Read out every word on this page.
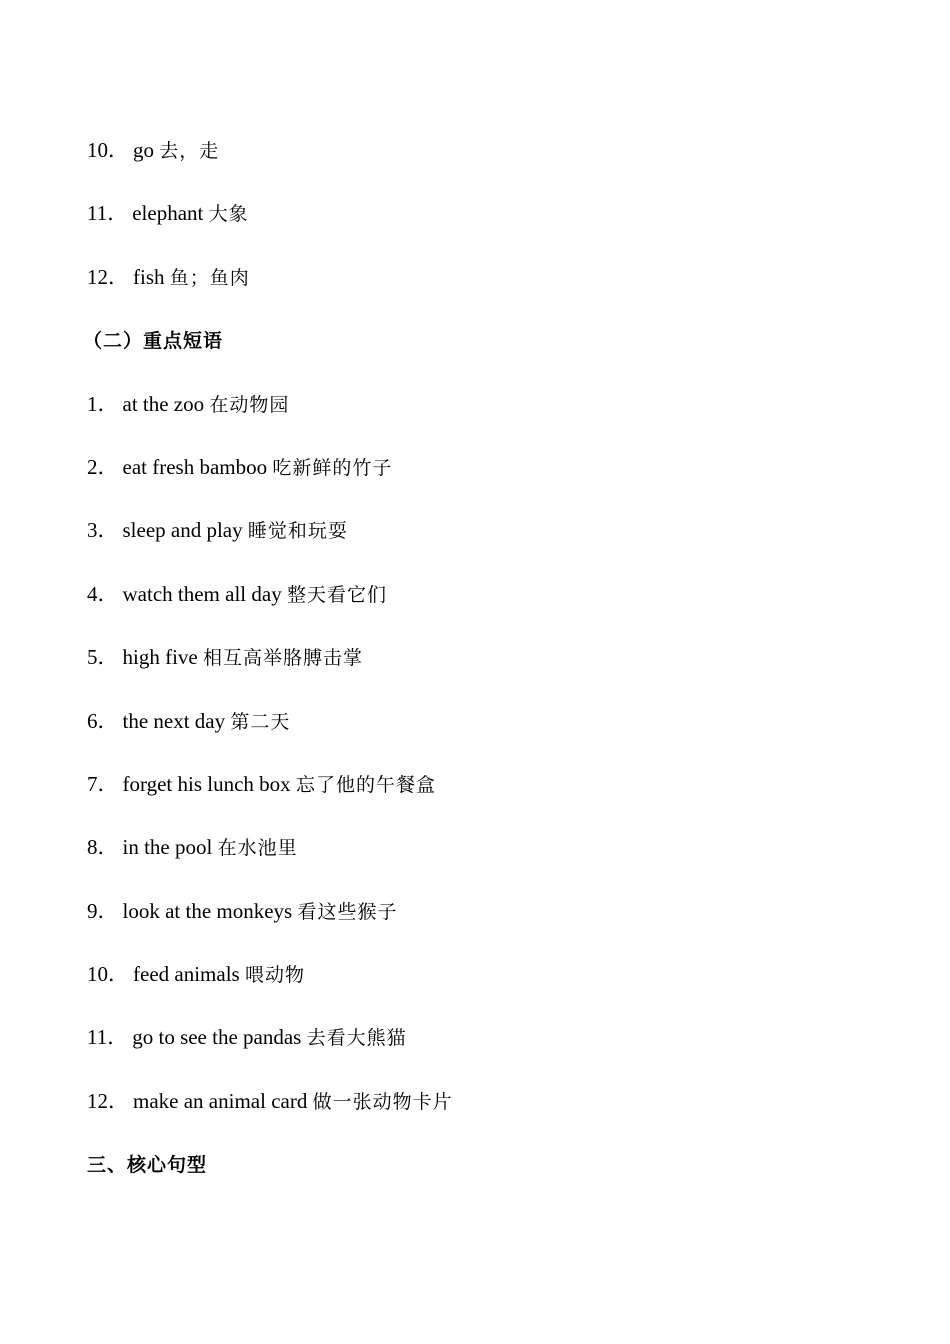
10． go 去，走
11． elephant 大象
12． fish 鱼；鱼肉
（二）重点短语
1． at the zoo 在动物园
2． eat fresh bamboo 吃新鲜的竹子
3． sleep and play 睡觉和玩耍
4． watch them all day 整天看它们
5． high five 相互高举胳膊击掌
6． the next day 第二天
7． forget his lunch box 忘了他的午餐盒
8． in the pool 在水池里
9． look at the monkeys 看这些猴子
10． feed animals 喂动物
11． go to see the pandas 去看大熊猫
12． make an animal card 做一张动物卡片
三、核心句型
